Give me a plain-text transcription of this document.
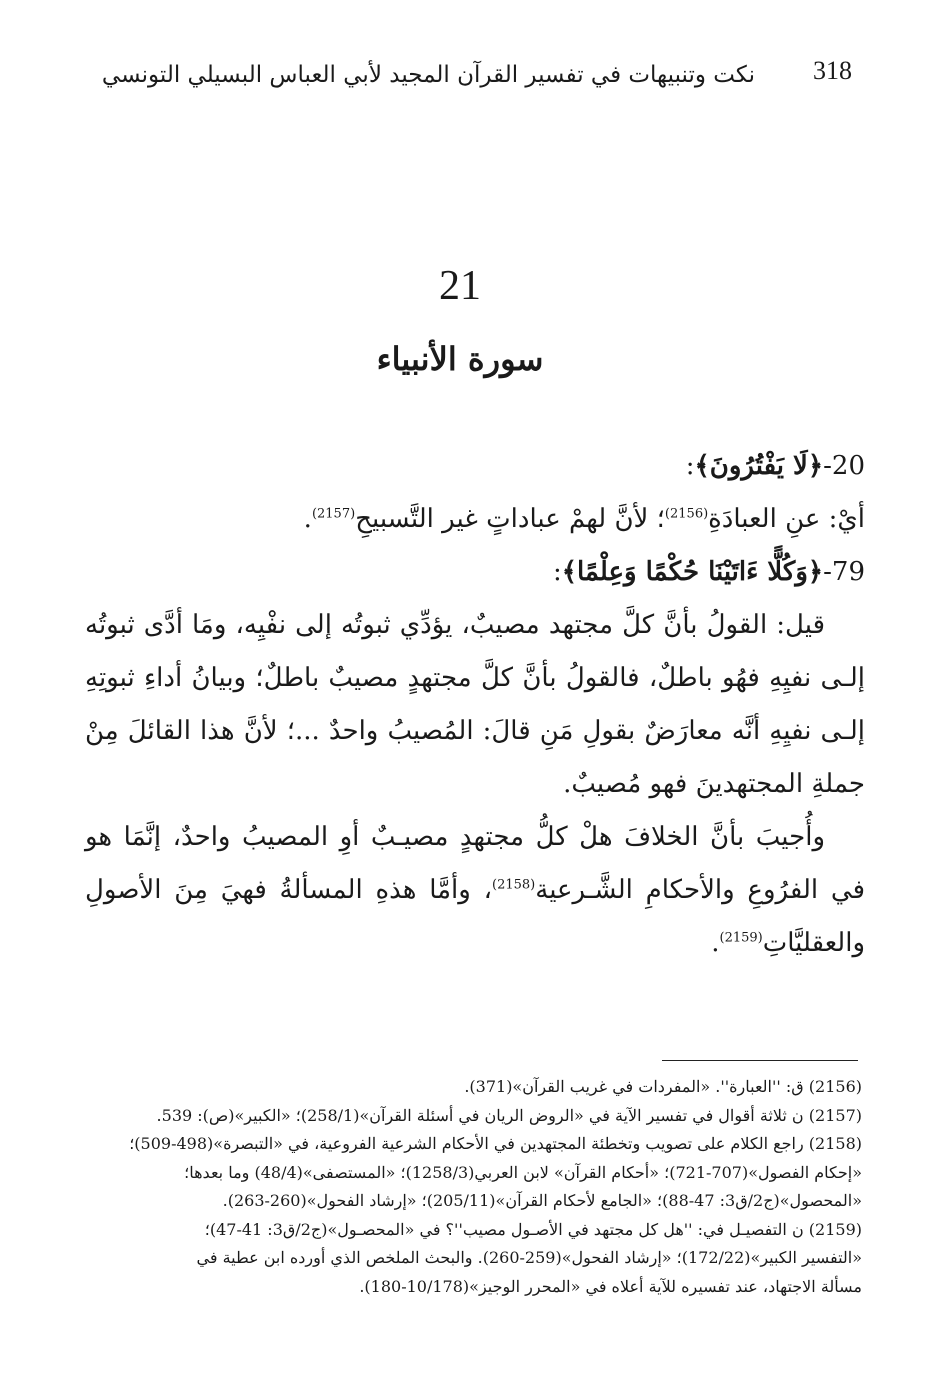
318
نكت وتنبيهات في تفسير القرآن المجيد لأبي العباس البسيلي التونسي
21
سورة الأنبياء
20-﴿لَا يَفْتُرُونَ﴾:
أيْ: عنِ العبادَةِ$^{(2156)}$؛ لأنَّ لهمْ عباداتٍ غير التَّسبيحِ$^{(2157)}$.
79-﴿وَكُلًّا ءَاتَيْنَا حُكْمًا وَعِلْمًا﴾:

قيل: القولُ بأنَّ كلَّ مجتهد مصيبٌ، يؤدِّي ثبوتُه إلى نفْيِه، ومَا أدَّى ثبوتُه إلـى نفيِهِ فهُو باطلٌ، فالقولُ بأنَّ كلَّ مجتهدٍ مصيبٌ باطلٌ؛ وبيانُ أداءِ ثبوتِهِ إلـى نفيِهِ أنَّه معارَضٌ بقولِ مَنِ قالَ: المُصيبُ واحدٌ ...؛ لأنَّ هذا القائلَ مِنْ جملةِ المجتهدينَ فهو مُصيبٌ.

وأُجيبَ بأنَّ الخلافَ هلْ كلُّ مجتهدٍ مصيـبٌ أوِ المصيبُ واحدٌ، إنَّمَا هو في الفرُوعِ والأحكامِ الشَّـرعية$^{(2158)}$، وأمَّا هذهِ المسألةُ فهيَ مِنَ الأصولِ والعقليَّاتِ$^{(2159)}$.

(2156) ق: ''العبارة''. «المفردات في غريب القرآن»(371).

(2157) ن ثلاثة أقوال في تفسير الآية في «الروض الريان في أسئلة القرآن»(258/1)؛ «الكبير»(ص): 539.

(2158) راجع الكلام على تصويب وتخطئة المجتهدين في الأحكام الشرعية الفروعية، في «التبصرة»(498-509)؛
«إحكام الفصول»(707-721)؛ «أحكام القرآن» لابن العربي(1258/3)؛ «المستصفى»(48/4) وما بعدها؛
«المحصول»(ج2/ق3: 47-88)؛ «الجامع لأحكام القرآن»(205/11)؛ «إرشاد الفحول»(260-263).

(2159) ن التفصيـل في: ''هل كل مجتهد في الأصـول مصيب''؟ في «المحصـول»(ج2/ق3: 41-47)؛
«التفسير الكبير»(172/22)؛ «إرشاد الفحول»(259-260). والبحث الملخص الذي أورده ابن عطية في
مسألة الاجتهاد، عند تفسيره للآية أعلاه في «المحرر الوجيز»(10/178-180).
